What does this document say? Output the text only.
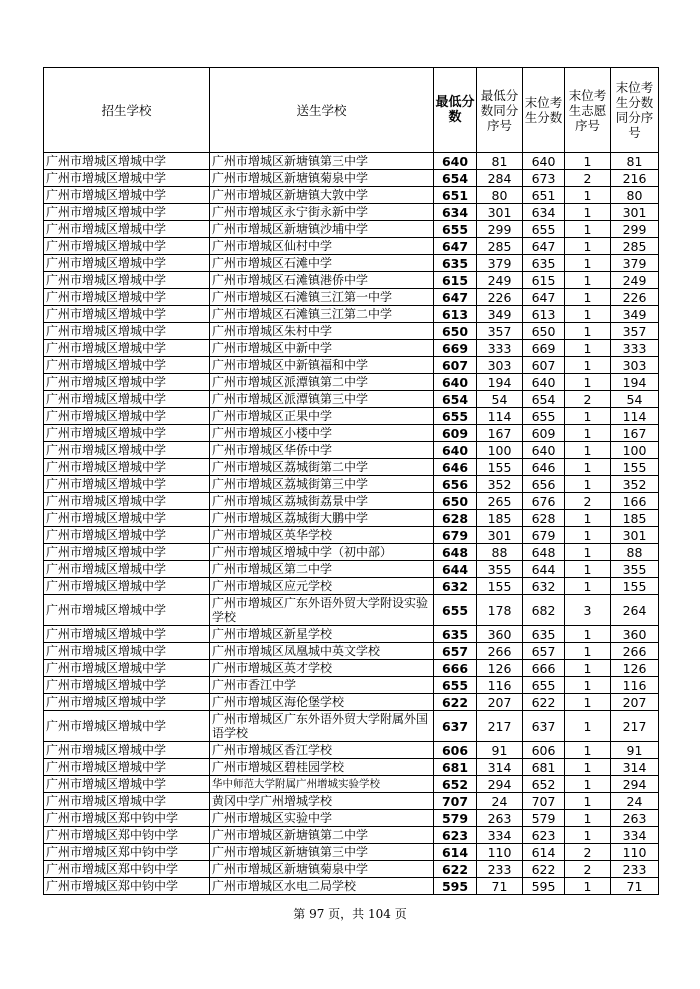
招生学校	送生学校	最低分数	最低分数同分序号	末位考生分数	末位考生志愿序号	末位考生分数同分序号
广州市增城区增城中学	广州市增城区新塘镇第三中学	640	81	640	1	81
广州市增城区增城中学	广州市增城区新塘镇菊泉中学	654	284	673	2	216
广州市增城区增城中学	广州市增城区新塘镇大敦中学	651	80	651	1	80
广州市增城区增城中学	广州市增城区永宁街永新中学	634	301	634	1	301
广州市增城区增城中学	广州市增城区新塘镇沙埔中学	655	299	655	1	299
广州市增城区增城中学	广州市增城区仙村中学	647	285	647	1	285
广州市增城区增城中学	广州市增城区石滩中学	635	379	635	1	379
广州市增城区增城中学	广州市增城区石滩镇港侨中学	615	249	615	1	249
广州市增城区增城中学	广州市增城区石滩镇三江第一中学	647	226	647	1	226
广州市增城区增城中学	广州市增城区石滩镇三江第二中学	613	349	613	1	349
广州市增城区增城中学	广州市增城区朱村中学	650	357	650	1	357
广州市增城区增城中学	广州市增城区中新中学	669	333	669	1	333
广州市增城区增城中学	广州市增城区中新镇福和中学	607	303	607	1	303
广州市增城区增城中学	广州市增城区派潭镇第二中学	640	194	640	1	194
广州市增城区增城中学	广州市增城区派潭镇第三中学	654	54	654	2	54
广州市增城区增城中学	广州市增城区正果中学	655	114	655	1	114
广州市增城区增城中学	广州市增城区小楼中学	609	167	609	1	167
广州市增城区增城中学	广州市增城区华侨中学	640	100	640	1	100
广州市增城区增城中学	广州市增城区荔城街第二中学	646	155	646	1	155
广州市增城区增城中学	广州市增城区荔城街第三中学	656	352	656	1	352
广州市增城区增城中学	广州市增城区荔城街荔景中学	650	265	676	2	166
广州市增城区增城中学	广州市增城区荔城街大鹏中学	628	185	628	1	185
广州市增城区增城中学	广州市增城区英华学校	679	301	679	1	301
广州市增城区增城中学	广州市增城区增城中学（初中部）	648	88	648	1	88
广州市增城区增城中学	广州市增城区第二中学	644	355	644	1	355
广州市增城区增城中学	广州市增城区应元学校	632	155	632	1	155
广州市增城区增城中学	广州市增城区广东外语外贸大学附设实验学校	655	178	682	3	264
广州市增城区增城中学	广州市增城区新星学校	635	360	635	1	360
广州市增城区增城中学	广州市增城区凤凰城中英文学校	657	266	657	1	266
广州市增城区增城中学	广州市增城区英才学校	666	126	666	1	126
广州市增城区增城中学	广州市香江中学	655	116	655	1	116
广州市增城区增城中学	广州市增城区海伦堡学校	622	207	622	1	207
广州市增城区增城中学	广州市增城区广东外语外贸大学附属外国语学校	637	217	637	1	217
广州市增城区增城中学	广州市增城区香江学校	606	91	606	1	91
广州市增城区增城中学	广州市增城区碧桂园学校	681	314	681	1	314
广州市增城区增城中学	华中师范大学附属广州增城实验学校	652	294	652	1	294
广州市增城区增城中学	黄冈中学广州增城学校	707	24	707	1	24
广州市增城区郑中钧中学	广州市增城区实验中学	579	263	579	1	263
广州市增城区郑中钧中学	广州市增城区新塘镇第二中学	623	334	623	1	334
广州市增城区郑中钧中学	广州市增城区新塘镇第三中学	614	110	614	2	110
广州市增城区郑中钧中学	广州市增城区新塘镇菊泉中学	622	233	622	2	233
广州市增城区郑中钧中学	广州市增城区水电二局学校	595	71	595	1	71
第 97 页，共 104 页
